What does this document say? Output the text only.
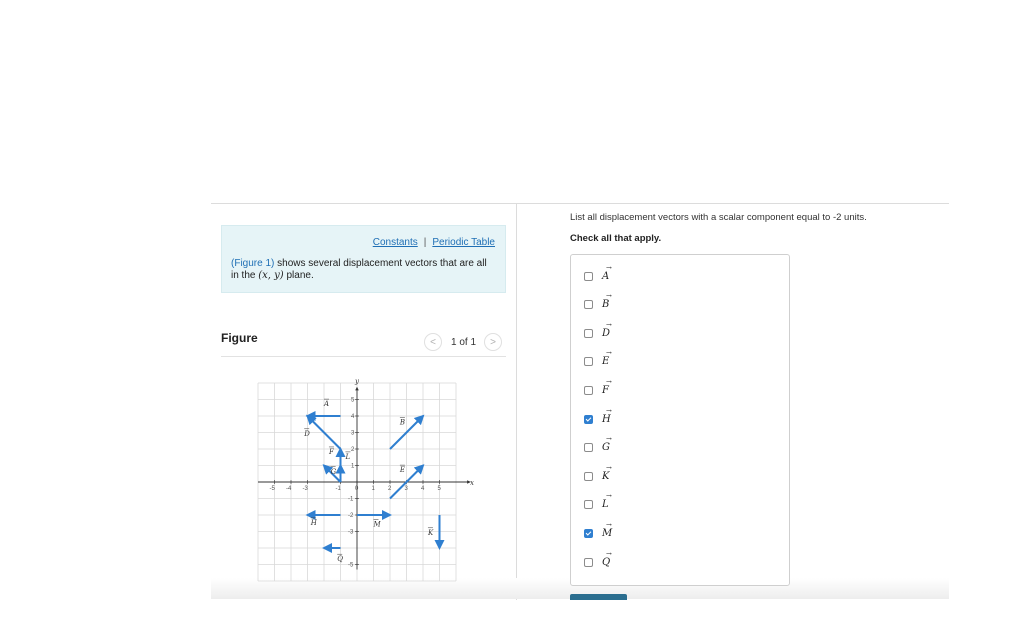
Constants | Periodic Table
(Figure 1) shows several displacement vectors that are all in the (x, y) plane.
Figure	<	1 of 1	>
x
y
-5 -4 -3	-1 0 1 2 3 4 5
5
4
3
2
1
-1
-2
-3
-5
A
B
D
E
F
G
H
K
L
M
Q
List all displacement vectors with a scalar component equal to -2 units.
Check all that apply.
→ A
→ B
→ D
→ E
→ F
→ H
→ G
→ K
→ L
→ M
→ Q
